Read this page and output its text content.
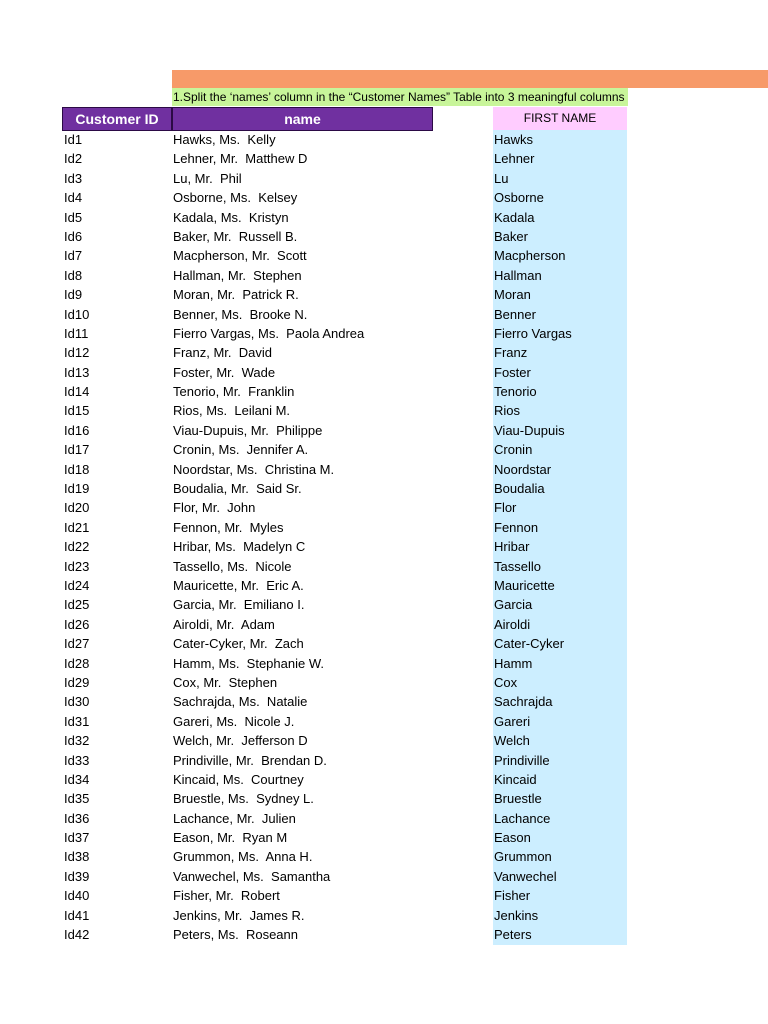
1.Split the ‘names’ column in the “Customer Names” Table into 3 meaningful columns
Customer ID	name	FIRST NAME
Id1	Hawks, Ms.  Kelly	Hawks
Id2	Lehner, Mr.  Matthew D	Lehner
Id3	Lu, Mr.  Phil	Lu
Id4	Osborne, Ms.  Kelsey	Osborne
Id5	Kadala, Ms.  Kristyn	Kadala
Id6	Baker, Mr.  Russell B.	Baker
Id7	Macpherson, Mr.  Scott	Macpherson
Id8	Hallman, Mr.  Stephen	Hallman
Id9	Moran, Mr.  Patrick R.	Moran
Id10	Benner, Ms.  Brooke N.	Benner
Id11	Fierro Vargas, Ms.  Paola Andrea	Fierro Vargas
Id12	Franz, Mr.  David	Franz
Id13	Foster, Mr.  Wade	Foster
Id14	Tenorio, Mr.  Franklin	Tenorio
Id15	Rios, Ms.  Leilani M.	Rios
Id16	Viau-Dupuis, Mr.  Philippe	Viau-Dupuis
Id17	Cronin, Ms.  Jennifer A.	Cronin
Id18	Noordstar, Ms.  Christina M.	Noordstar
Id19	Boudalia, Mr.  Said Sr.	Boudalia
Id20	Flor, Mr.  John	Flor
Id21	Fennon, Mr.  Myles	Fennon
Id22	Hribar, Ms.  Madelyn C	Hribar
Id23	Tassello, Ms.  Nicole	Tassello
Id24	Mauricette, Mr.  Eric A.	Mauricette
Id25	Garcia, Mr.  Emiliano I.	Garcia
Id26	Airoldi, Mr.  Adam	Airoldi
Id27	Cater-Cyker, Mr.  Zach	Cater-Cyker
Id28	Hamm, Ms.  Stephanie W.	Hamm
Id29	Cox, Mr.  Stephen	Cox
Id30	Sachrajda, Ms.  Natalie	Sachrajda
Id31	Gareri, Ms.  Nicole J.	Gareri
Id32	Welch, Mr.  Jefferson D	Welch
Id33	Prindiville, Mr.  Brendan D.	Prindiville
Id34	Kincaid, Ms.  Courtney	Kincaid
Id35	Bruestle, Ms.  Sydney L.	Bruestle
Id36	Lachance, Mr.  Julien	Lachance
Id37	Eason, Mr.  Ryan M	Eason
Id38	Grummon, Ms.  Anna H.	Grummon
Id39	Vanwechel, Ms.  Samantha	Vanwechel
Id40	Fisher, Mr.  Robert	Fisher
Id41	Jenkins, Mr.  James R.	Jenkins
Id42	Peters, Ms.  Roseann	Peters
